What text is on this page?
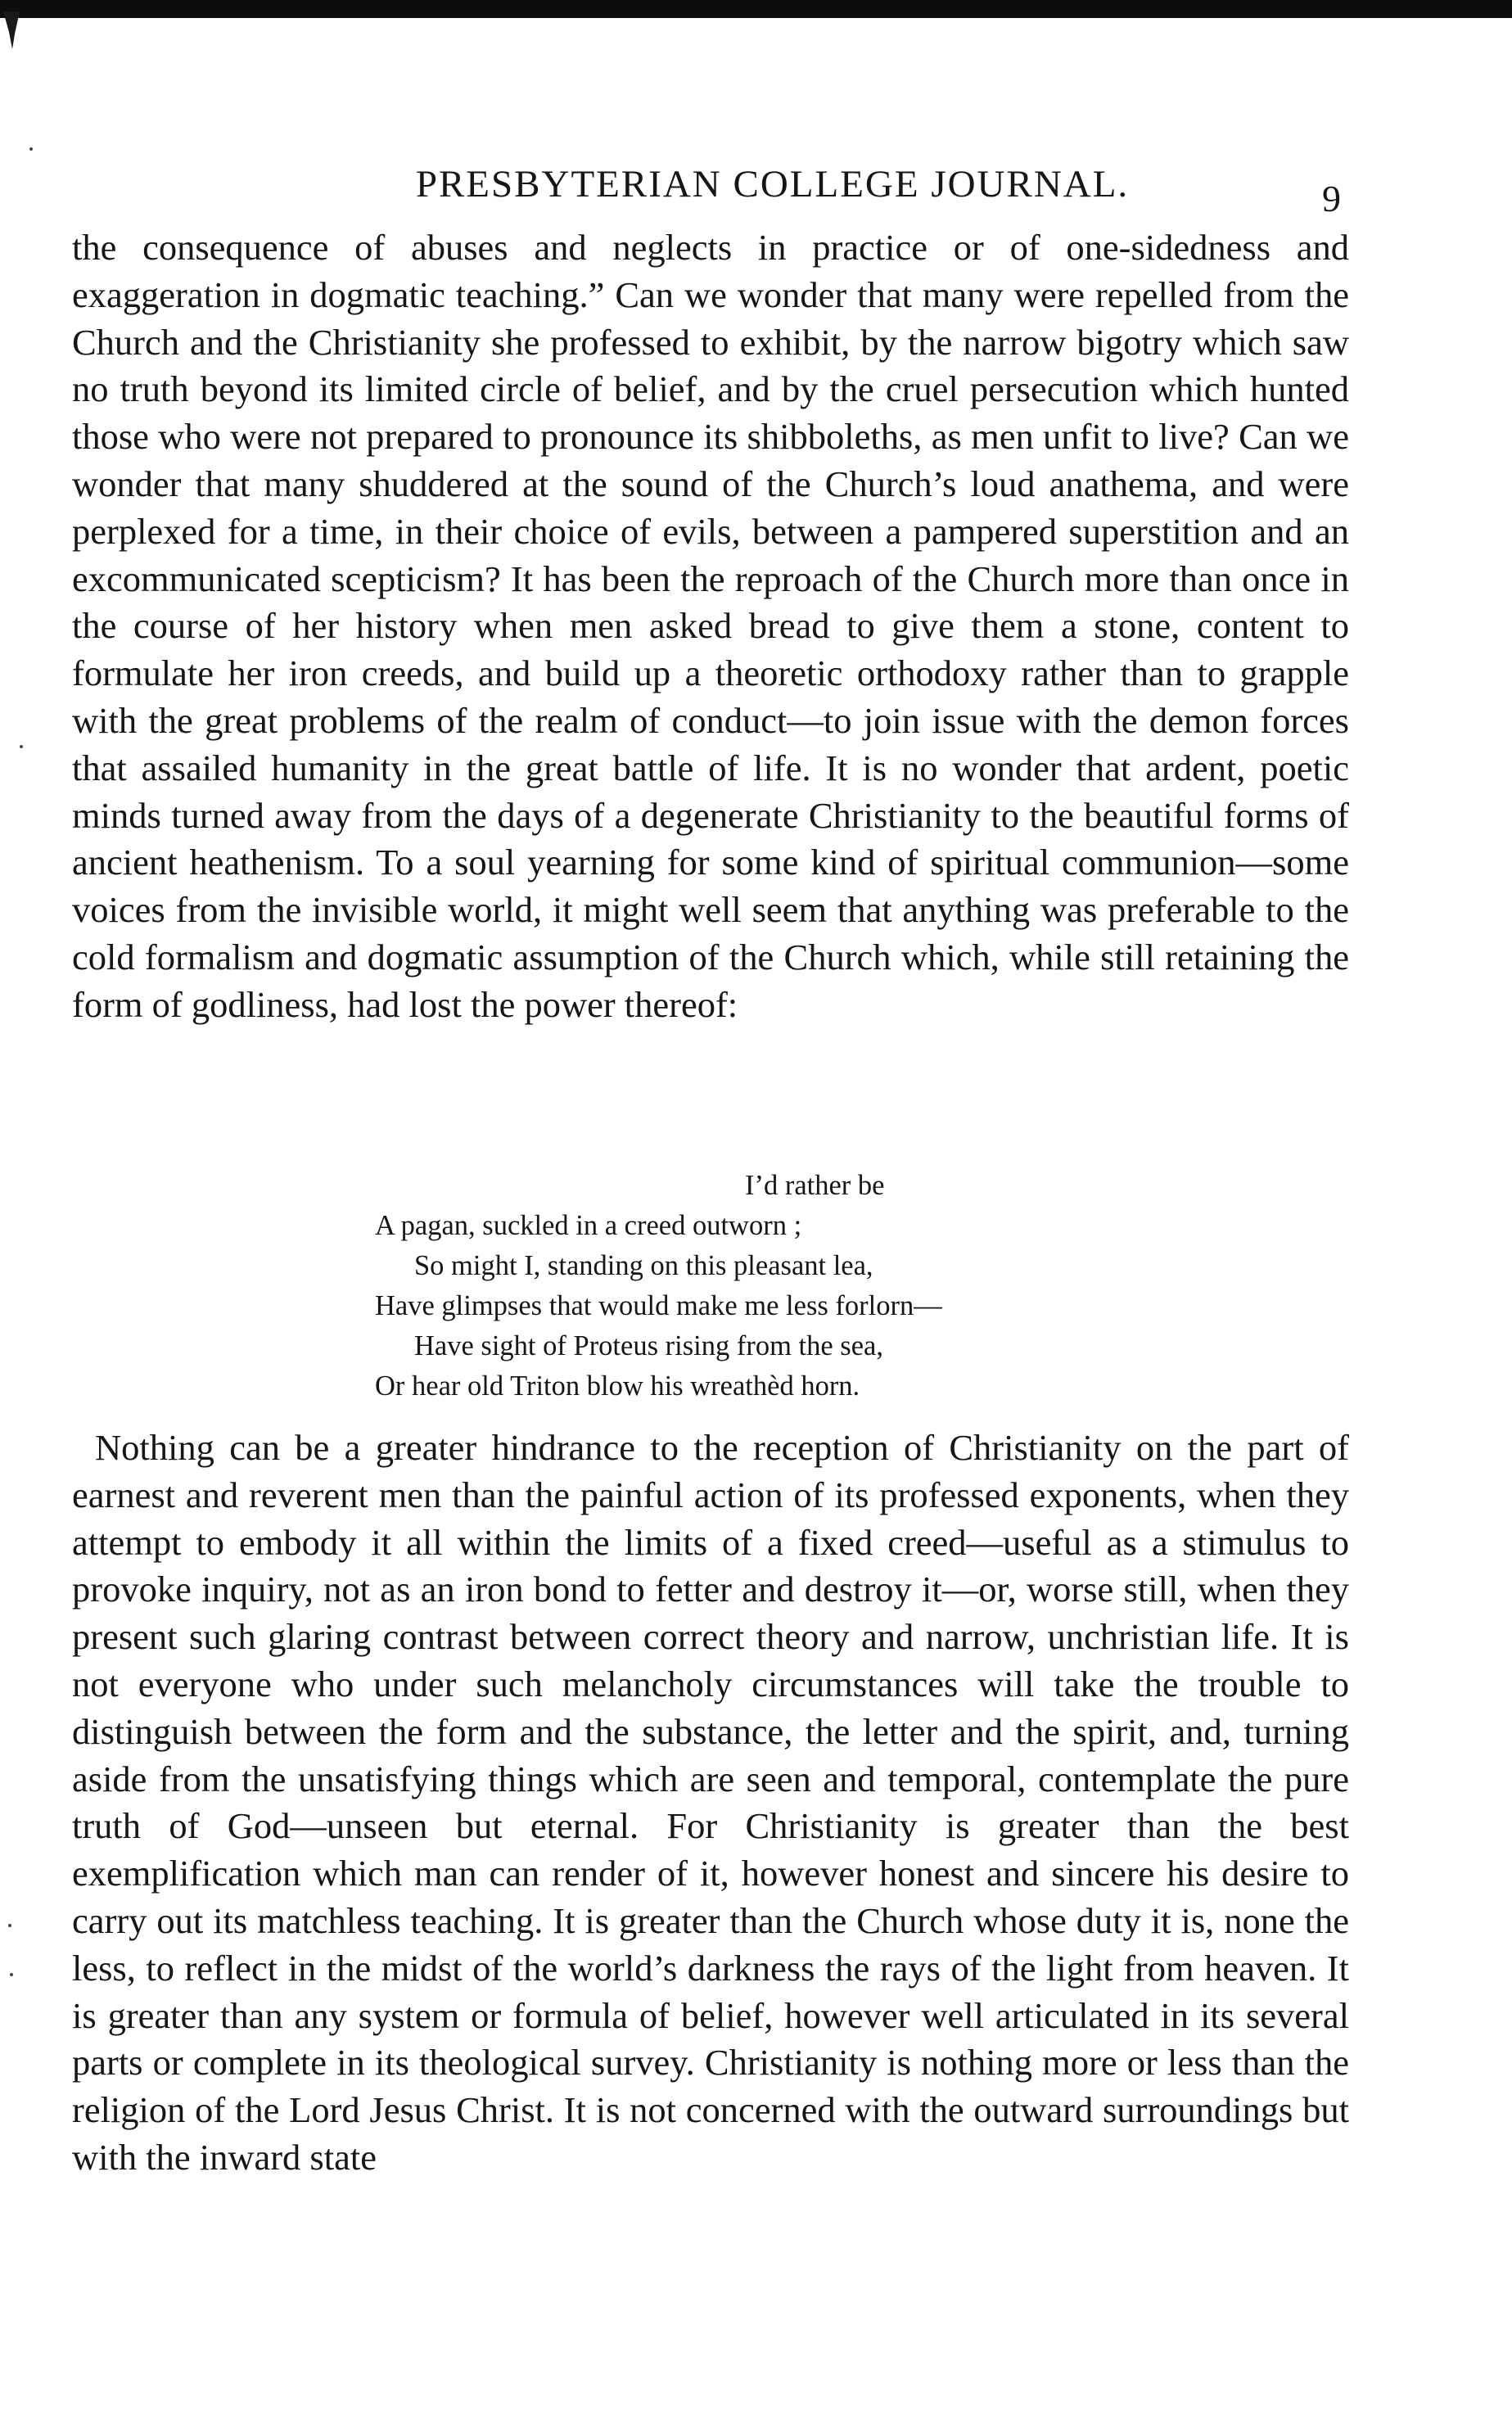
PRESBYTERIAN COLLEGE JOURNAL.	9

the consequence of abuses and neglects in practice or of one-sidedness and exaggeration in dogmatic teaching.” Can we wonder that many were repelled from the Church and the Christianity she professed to exhibit, by the narrow bigotry which saw no truth beyond its limited circle of belief, and by the cruel persecution which hunted those who were not prepared to pronounce its shibboleths, as men unfit to live? Can we wonder that many shuddered at the sound of the Church’s loud anathema, and were perplexed for a time, in their choice of evils, between a pampered superstition and an excommunicated scepticism? It has been the reproach of the Church more than once in the course of her history when men asked bread to give them a stone, content to formulate her iron creeds, and build up a theoretic orthodoxy rather than to grapple with the great problems of the realm of conduct—to join issue with the demon forces that assailed humanity in the great battle of life. It is no wonder that ardent, poetic minds turned away from the days of a degenerate Christianity to the beautiful forms of ancient heathenism. To a soul yearning for some kind of spiritual communion—some voices from the invisible world, it might well seem that anything was preferable to the cold formalism and dogmatic assumption of the Church which, while still retaining the form of godliness, had lost the power thereof:

I’d rather be
A pagan, suckled in a creed outworn ;
So might I, standing on this pleasant lea,
Have glimpses that would make me less forlorn—
Have sight of Proteus rising from the sea,
Or hear old Triton blow his wreathèd horn.

Nothing can be a greater hindrance to the reception of Christianity on the part of earnest and reverent men than the painful action of its professed exponents, when they attempt to embody it all within the limits of a fixed creed—useful as a stimulus to provoke inquiry, not as an iron bond to fetter and destroy it—or, worse still, when they present such glaring contrast between correct theory and narrow, unchristian life. It is not everyone who under such melancholy circumstances will take the trouble to distinguish between the form and the substance, the letter and the spirit, and, turning aside from the unsatisfying things which are seen and temporal, contemplate the pure truth of God—unseen but eternal. For Christianity is greater than the best exemplification which man can render of it, however honest and sincere his desire to carry out its matchless teaching. It is greater than the Church whose duty it is, none the less, to reflect in the midst of the world’s darkness the rays of the light from heaven. It is greater than any system or formula of belief, however well articulated in its several parts or complete in its theological survey. Christianity is nothing more or less than the religion of the Lord Jesus Christ. It is not concerned with the outward surroundings but with the inward state
